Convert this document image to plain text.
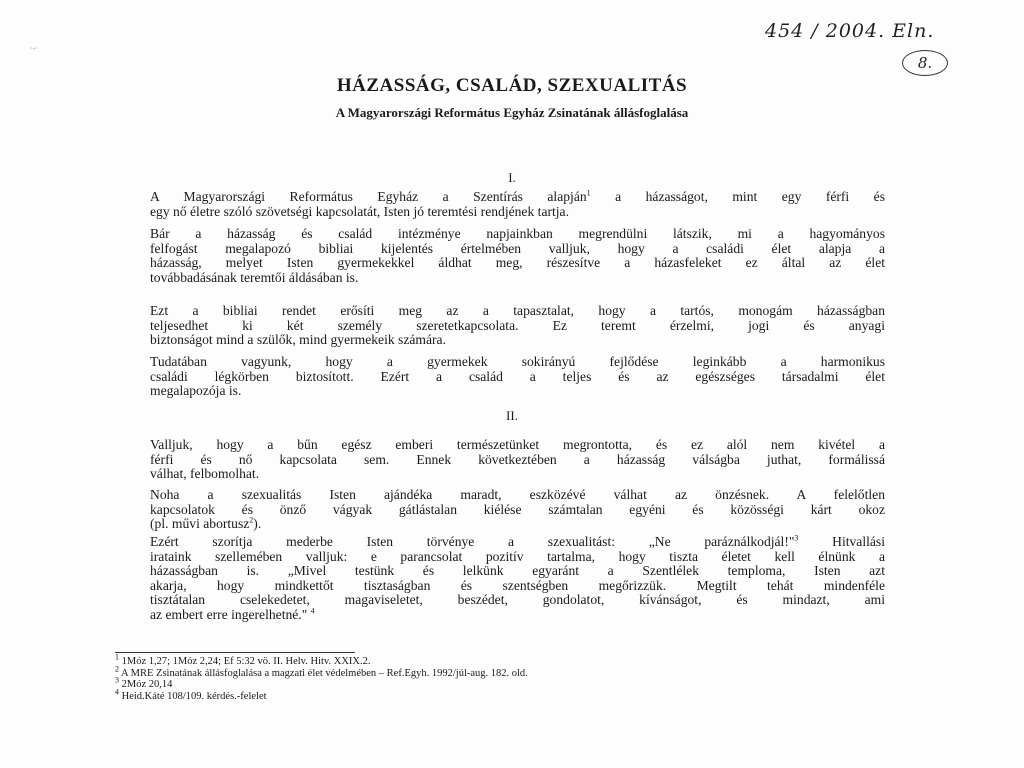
454 / 2004. Eln.
8.
·‑·
HÁZASSÁG, CSALÁD, SZEXUALITÁS
A Magyarországi Református Egyház Zsinatának állásfoglalása
I.
A Magyarországi Református Egyház a Szentírás alapján$^1$ a házasságot, mint egy férfi és
egy nő életre szóló szövetségi kapcsolatát, Isten jó teremtési rendjének tartja.
Bár a házasság és család intézménye napjainkban megrendülni látszik, mi a hagyományos
felfogást megalapozó bibliai kijelentés értelmében valljuk, hogy a családi élet alapja a
házasság, melyet Isten gyermekekkel áldhat meg, részesítve a házasfeleket ez által az élet
továbbadásának teremtői áldásában is.
Ezt a bibliai rendet erősíti meg az a tapasztalat, hogy a tartós, monogám házasságban
teljesedhet ki két személy szeretetkapcsolata. Ez teremt érzelmi, jogi és anyagi
biztonságot mind a szülők, mind gyermekeik számára.
Tudatában vagyunk, hogy a gyermekek sokirányú fejlődése leginkább a harmonikus
családi légkörben biztosított. Ezért a család a teljes és az egészséges társadalmi élet
megalapozója is.
II.
Valljuk, hogy a bűn egész emberi természetünket megrontotta, és ez alól nem kivétel a
férfi és nő kapcsolata sem. Ennek következtében a házasság válságba juthat, formálissá
válhat, felbomolhat.
Noha a szexualitás Isten ajándéka maradt, eszközévé válhat az önzésnek. A felelőtlen
kapcsolatok és önző vágyak gátlástalan kiélése számtalan egyéni és közösségi kárt okoz
(pl. művi abortusz$^2$).
Ezért szorítja mederbe Isten törvénye a szexualitást: „Ne paráználkodjál!"$^3$ Hitvallási
irataink szellemében valljuk: e parancsolat pozitív tartalma, hogy tiszta életet kell élnünk a
házasságban is. „Mivel testünk és lelkünk egyaránt a Szentlélek temploma, Isten azt
akarja, hogy mindkettőt tisztaságban és szentségben megőrizzük. Megtilt tehát mindenféle
tisztátalan cselekedetet, magaviseletet, beszédet, gondolatot, kívánságot, és mindazt, ami
az embert erre ingerelhetné." $^4$
$^1$ 1Móz 1,27; 1Móz 2,24; Ef 5:32 vö. II. Helv. Hitv. XXIX.2.
$^2$ A MRE Zsinatának állásfoglalása a magzati élet védelmében – Ref.Egyh. 1992/júl-aug. 182. old.
$^3$ 2Móz 20,14
$^4$ Heid.Káté 108/109. kérdés.-felelet
